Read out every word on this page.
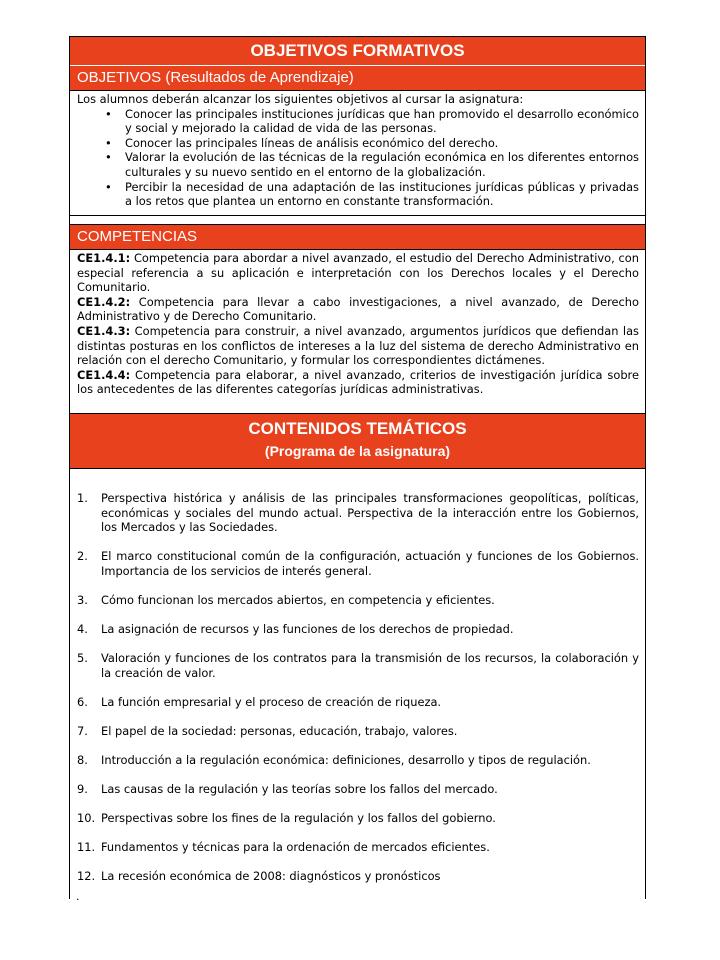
OBJETIVOS FORMATIVOS
OBJETIVOS (Resultados de Aprendizaje)

Los alumnos deberán alcanzar los siguientes objetivos al cursar la asignatura:

• Conocer las principales instituciones jurídicas que han promovido el desarrollo económico y social y mejorado la calidad de vida de las personas.
• Conocer las principales líneas de análisis económico del derecho.
• Valorar la evolución de las técnicas de la regulación económica en los diferentes entornos culturales y su nuevo sentido en el entorno de la globalización.
• Percibir la necesidad de una adaptación de las instituciones jurídicas públicas y privadas a los retos que plantea un entorno en constante transformación.
COMPETENCIAS

CE1.4.1: Competencia para abordar a nivel avanzado, el estudio del Derecho Administrativo, con especial referencia a su aplicación e interpretación con los Derechos locales y el Derecho Comunitario.

CE1.4.2: Competencia para llevar a cabo investigaciones, a nivel avanzado, de Derecho Administrativo y de Derecho Comunitario.

CE1.4.3: Competencia para construir, a nivel avanzado, argumentos jurídicos que defiendan las distintas posturas en los conflictos de intereses a la luz del sistema de derecho Administrativo en relación con el derecho Comunitario, y formular los correspondientes dictámenes.

CE1.4.4: Competencia para elaborar, a nivel avanzado, criterios de investigación jurídica sobre los antecedentes de las diferentes categorías jurídicas administrativas.

CONTENIDOS TEMÁTICOS
(Programa de la asignatura)
1. Perspectiva histórica y análisis de las principales transformaciones geopolíticas, políticas, económicas y sociales del mundo actual. Perspectiva de la interacción entre los Gobiernos, los Mercados y las Sociedades.
2. El marco constitucional común de la configuración, actuación y funciones de los Gobiernos. Importancia de los servicios de interés general.
3. Cómo funcionan los mercados abiertos, en competencia y eficientes.
4. La asignación de recursos y las funciones de los derechos de propiedad.
5. Valoración y funciones de los contratos para la transmisión de los recursos, la colaboración y la creación de valor.
6. La función empresarial y el proceso de creación de riqueza.
7. El papel de la sociedad: personas, educación, trabajo, valores.
8. Introducción a la regulación económica: definiciones, desarrollo y tipos de regulación.
9. Las causas de la regulación y las teorías sobre los fallos del mercado.
10. Perspectivas sobre los fines de la regulación y los fallos del gobierno.
11. Fundamentos y técnicas para la ordenación de mercados eficientes.
12. La recesión económica de 2008: diagnósticos y pronósticos
.
